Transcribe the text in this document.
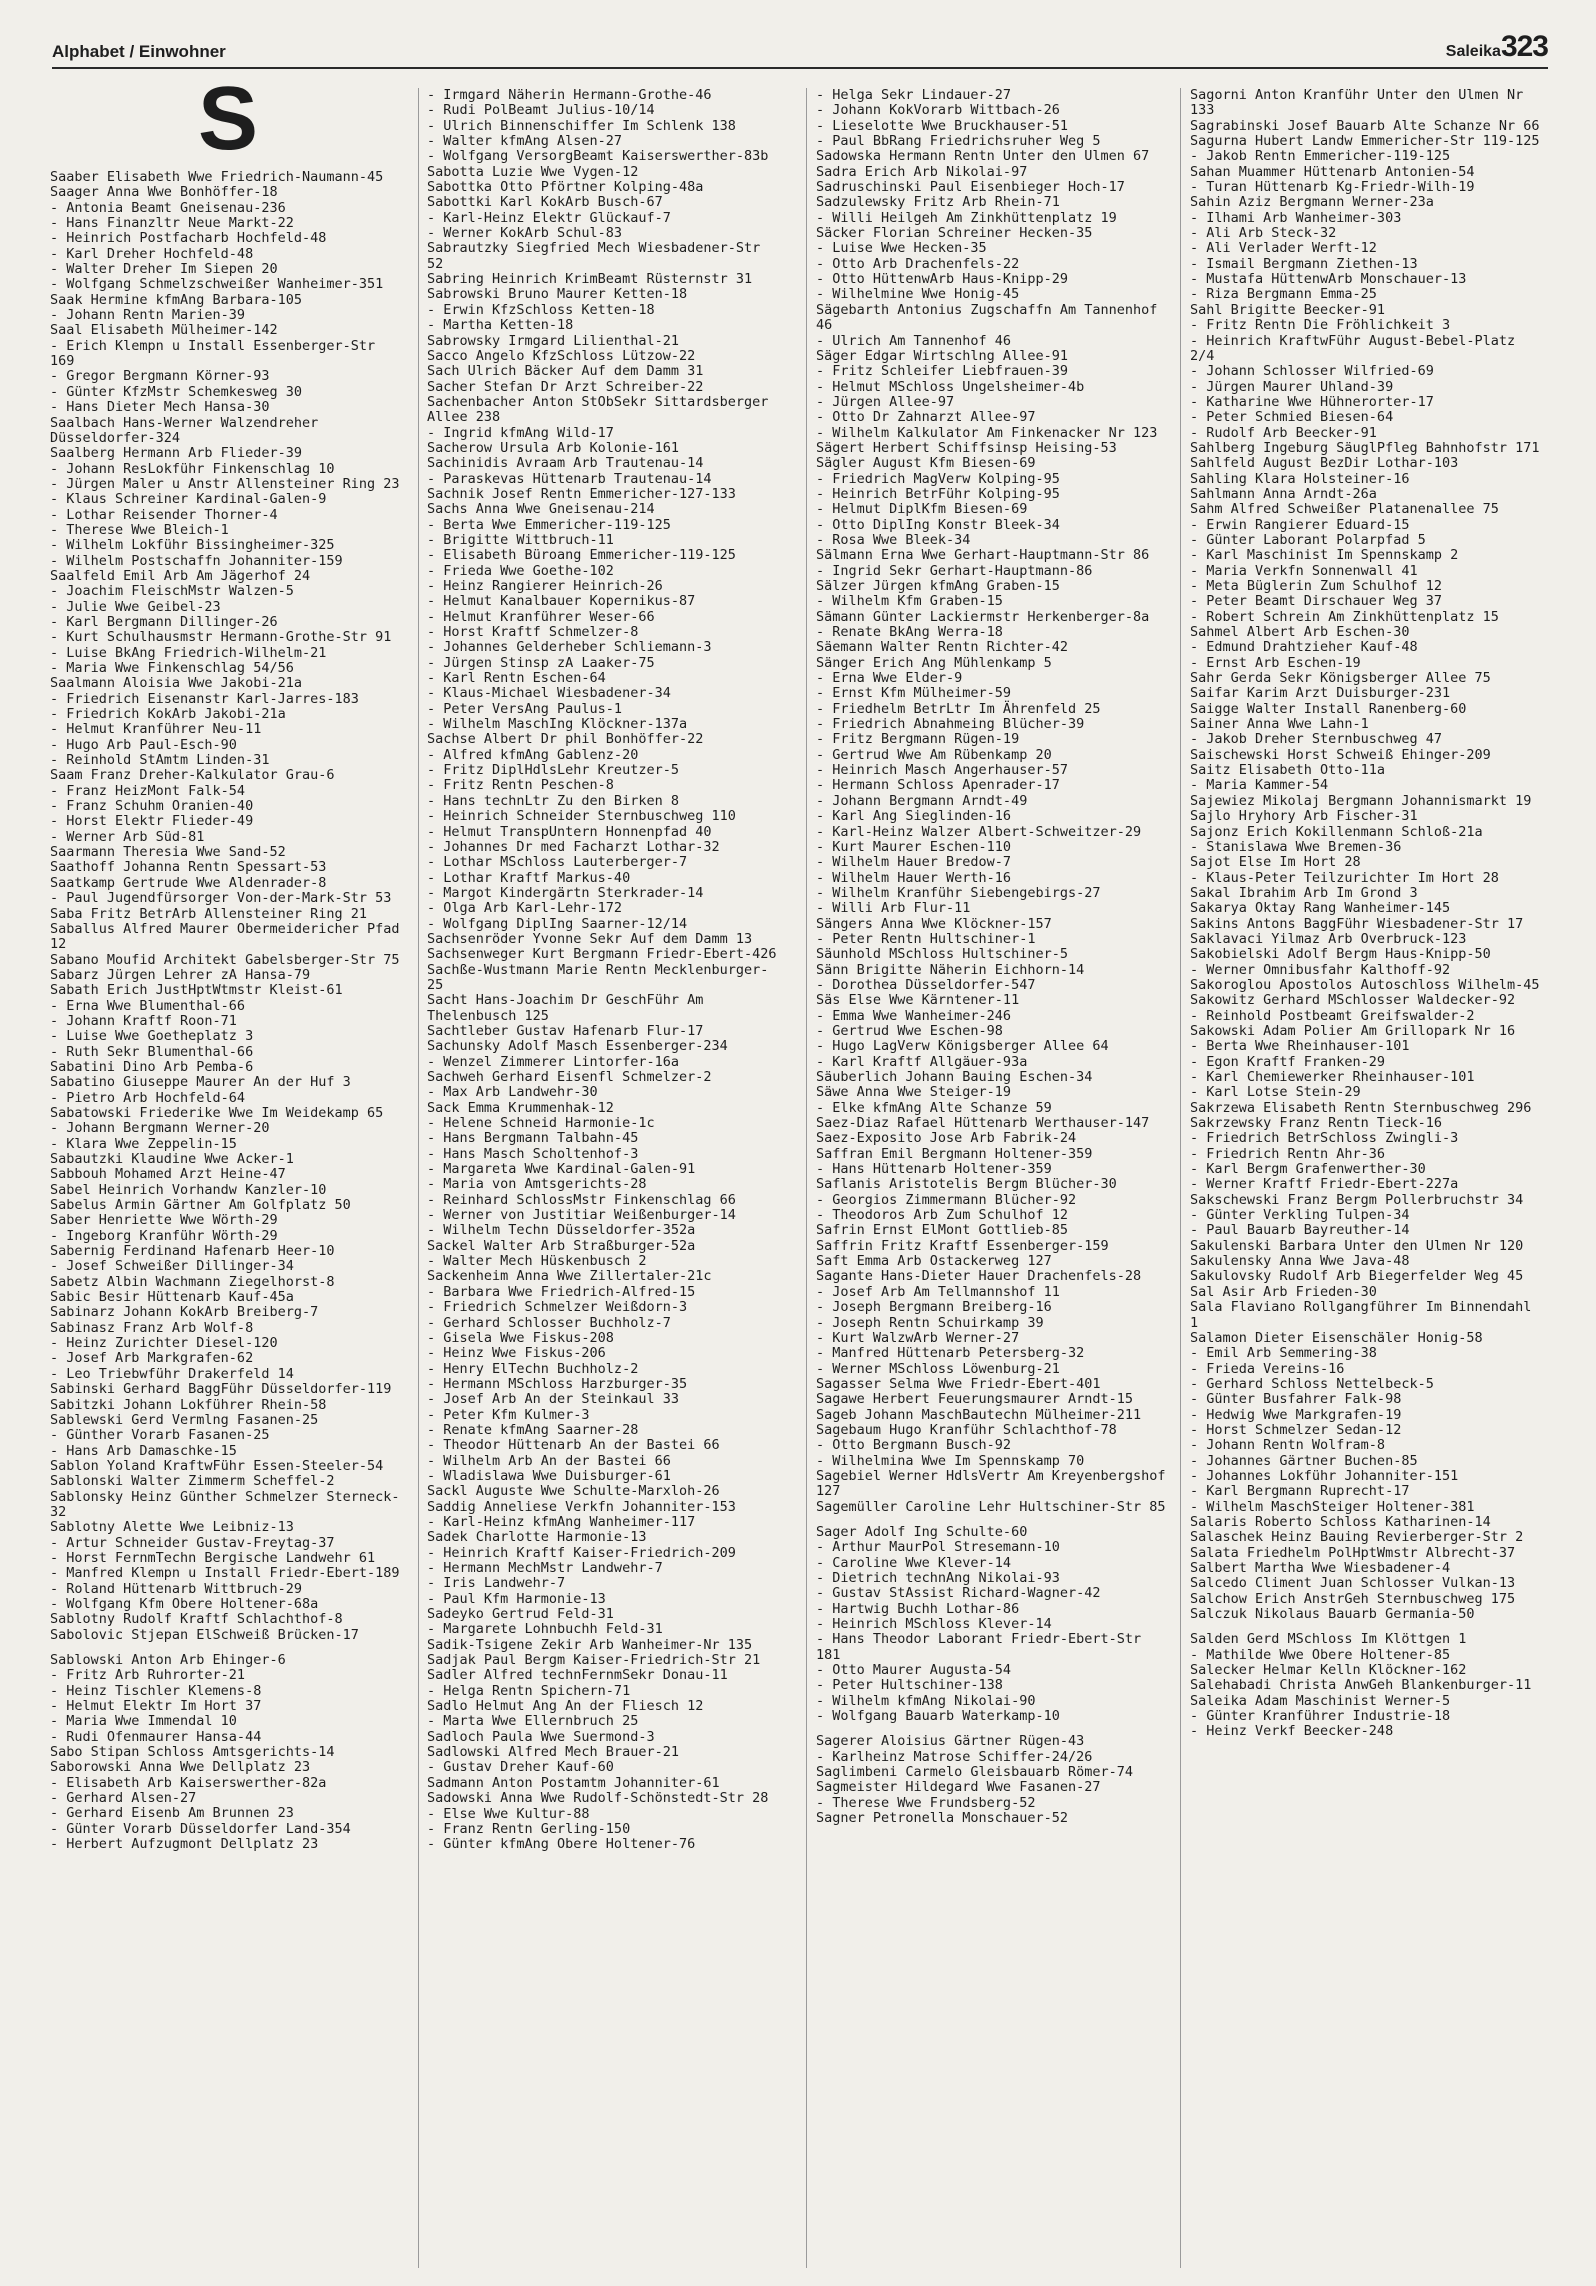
Alphabet / Einwohner	Saleika323
S

Saaber Elisabeth Wwe Friedrich-Naumann-45

Saager Anna Wwe Bonhöffer-18

- Antonia Beamt Gneisenau-236

- Hans Finanzltr Neue Markt-22

- Heinrich Postfacharb Hochfeld-48

- Karl Dreher Hochfeld-48

- Walter Dreher Im Siepen 20

- Wolfgang Schmelzschweißer Wanheimer-351

Saak Hermine kfmAng Barbara-105

- Johann Rentn Marien-39

Saal Elisabeth Mülheimer-142

- Erich Klempn u Install Essenberger-Str 169

- Gregor Bergmann Körner-93

- Günter KfzMstr Schemkesweg 30

- Hans Dieter Mech Hansa-30

Saalbach Hans-Werner Walzendreher Düsseldorfer-324

Saalberg Hermann Arb Flieder-39

- Johann ResLokführ Finkenschlag 10

- Jürgen Maler u Anstr Allensteiner Ring 23

- Klaus Schreiner Kardinal-Galen-9

- Lothar Reisender Thorner-4

- Therese Wwe Bleich-1

- Wilhelm Lokführ Bissingheimer-325

- Wilhelm Postschaffn Johanniter-159

Saalfeld Emil Arb Am Jägerhof 24

- Joachim FleischMstr Walzen-5

- Julie Wwe Geibel-23

- Karl Bergmann Dillinger-26

- Kurt Schulhausmstr Hermann-Grothe-Str 91

- Luise BkAng Friedrich-Wilhelm-21

- Maria Wwe Finkenschlag 54/56

Saalmann Aloisia Wwe Jakobi-21a

- Friedrich Eisenanstr Karl-Jarres-183

- Friedrich KokArb Jakobi-21a

- Helmut Kranführer Neu-11

- Hugo Arb Paul-Esch-90

- Reinhold StAmtm Linden-31

Saam Franz Dreher-Kalkulator Grau-6

- Franz HeizMont Falk-54

- Franz Schuhm Oranien-40

- Horst Elektr Flieder-49

- Werner Arb Süd-81

Saarmann Theresia Wwe Sand-52

Saathoff Johanna Rentn Spessart-53

Saatkamp Gertrude Wwe Aldenrader-8

- Paul Jugendfürsorger Von-der-Mark-Str 53

Saba Fritz BetrArb Allensteiner Ring 21

Saballus Alfred Maurer Obermeidericher Pfad 12

Sabano Moufid Architekt Gabelsberger-Str 75

Sabarz Jürgen Lehrer zA Hansa-79

Sabath Erich JustHptWtmstr Kleist-61

- Erna Wwe Blumenthal-66

- Johann Kraftf Roon-71

- Luise Wwe Goetheplatz 3

- Ruth Sekr Blumenthal-66

Sabatini Dino Arb Pemba-6

Sabatino Giuseppe Maurer An der Huf 3

- Pietro Arb Hochfeld-64

Sabatowski Friederike Wwe Im Weidekamp 65

- Johann Bergmann Werner-20

- Klara Wwe Zeppelin-15

Sabautzki Klaudine Wwe Acker-1

Sabbouh Mohamed Arzt Heine-47

Sabel Heinrich Vorhandw Kanzler-10

Sabelus Armin Gärtner Am Golfplatz 50

Saber Henriette Wwe Wörth-29

- Ingeborg Kranführ Wörth-29

Sabernig Ferdinand Hafenarb Heer-10

- Josef Schweißer Dillinger-34

Sabetz Albin Wachmann Ziegelhorst-8

Sabic Besir Hüttenarb Kauf-45a

Sabinarz Johann KokArb Breiberg-7

Sabinasz Franz Arb Wolf-8

- Heinz Zurichter Diesel-120

- Josef Arb Markgrafen-62

- Leo Triebwführ Drakerfeld 14

Sabinski Gerhard BaggFühr Düsseldorfer-119

Sabitzki Johann Lokführer Rhein-58

Sablewski Gerd Vermlng Fasanen-25

- Günther Vorarb Fasanen-25

- Hans Arb Damaschke-15

Sablon Yoland KraftwFühr Essen-Steeler-54

Sablonski Walter Zimmerm Scheffel-2

Sablonsky Heinz Günther Schmelzer Sterneck-32

Sablotny Alette Wwe Leibniz-13

- Artur Schneider Gustav-Freytag-37

- Horst FernmTechn Bergische Landwehr 61

- Manfred Klempn u Install Friedr-Ebert-189

- Roland Hüttenarb Wittbruch-29

- Wolfgang Kfm Obere Holtener-68a

Sablotny Rudolf Kraftf Schlachthof-8

Sabolovic Stjepan ElSchweiß Brücken-17

Sablowski Anton Arb Ehinger-6

- Fritz Arb Ruhrorter-21

- Heinz Tischler Klemens-8

- Helmut Elektr Im Hort 37

- Maria Wwe Immendal 10

- Rudi Ofenmaurer Hansa-44

Sabo Stipan Schloss Amtsgerichts-14

Saborowski Anna Wwe Dellplatz 23

- Elisabeth Arb Kaiserswerther-82a

- Gerhard Alsen-27

- Gerhard Eisenb Am Brunnen 23

- Günter Vorarb Düsseldorfer Land-354

- Herbert Aufzugmont Dellplatz 23

- Irmgard Näherin Hermann-Grothe-46

- Rudi PolBeamt Julius-10/14

- Ulrich Binnenschiffer Im Schlenk 138

- Walter kfmAng Alsen-27

- Wolfgang VersorgBeamt Kaiserswerther-83b

Sabotta Luzie Wwe Vygen-12

Sabottka Otto Pförtner Kolping-48a

Sabottki Karl KokArb Busch-67

- Karl-Heinz Elektr Glückauf-7

- Werner KokArb Schul-83

Sabrautzky Siegfried Mech Wiesbadener-Str 52

Sabring Heinrich KrimBeamt Rüsternstr 31

Sabrowski Bruno Maurer Ketten-18

- Erwin KfzSchloss Ketten-18

- Martha Ketten-18

Sabrowsky Irmgard Lilienthal-21

Sacco Angelo KfzSchloss Lützow-22

Sach Ulrich Bäcker Auf dem Damm 31

Sacher Stefan Dr Arzt Schreiber-22

Sachenbacher Anton StObSekr Sittardsberger Allee 238

- Ingrid kfmAng Wild-17

Sacherow Ursula Arb Kolonie-161

Sachinidis Avraam Arb Trautenau-14

- Paraskevas Hüttenarb Trautenau-14

Sachnik Josef Rentn Emmericher-127-133

Sachs Anna Wwe Gneisenau-214

- Berta Wwe Emmericher-119-125

- Brigitte Wittbruch-11

- Elisabeth Büroang Emmericher-119-125

- Frieda Wwe Goethe-102

- Heinz Rangierer Heinrich-26

- Helmut Kanalbauer Kopernikus-87

- Helmut Kranführer Weser-66

- Horst Kraftf Schmelzer-8

- Johannes Gelderheber Schliemann-3

- Jürgen Stinsp zA Laaker-75

- Karl Rentn Eschen-64

- Klaus-Michael Wiesbadener-34

- Peter VersAng Paulus-1

- Wilhelm MaschIng Klöckner-137a

Sachse Albert Dr phil Bonhöffer-22

- Alfred kfmAng Gablenz-20

- Fritz DiplHdlsLehr Kreutzer-5

- Fritz Rentn Peschen-8

- Hans technLtr Zu den Birken 8

- Heinrich Schneider Sternbuschweg 110

- Helmut TranspUntern Honnenpfad 40

- Johannes Dr med Facharzt Lothar-32

- Lothar MSchloss Lauterberger-7

- Lothar Kraftf Markus-40

- Margot Kindergärtn Sterkrader-14

- Olga Arb Karl-Lehr-172

- Wolfgang DiplIng Saarner-12/14

Sachsenröder Yvonne Sekr Auf dem Damm 13

Sachsenweger Kurt Bergmann Friedr-Ebert-426

Sachße-Wustmann Marie Rentn Mecklenburger-25

Sacht Hans-Joachim Dr GeschFühr Am Thelenbusch 125

Sachtleber Gustav Hafenarb Flur-17

Sachunsky Adolf Masch Essenberger-234

- Wenzel Zimmerer Lintorfer-16a

Sachweh Gerhard Eisenfl Schmelzer-2

- Max Arb Landwehr-30

Sack Emma Krummenhak-12

- Helene Schneid Harmonie-1c

- Hans Bergmann Talbahn-45

- Hans Masch Scholtenhof-3

- Margareta Wwe Kardinal-Galen-91

- Maria von Amtsgerichts-28

- Reinhard SchlossMstr Finkenschlag 66

- Werner von Justitiar Weißenburger-14

- Wilhelm Techn Düsseldorfer-352a

Sackel Walter Arb Straßburger-52a

- Walter Mech Hüskenbusch 2

Sackenheim Anna Wwe Zillertaler-21c

- Barbara Wwe Friedrich-Alfred-15

- Friedrich Schmelzer Weißdorn-3

- Gerhard Schlosser Buchholz-7

- Gisela Wwe Fiskus-208

- Heinz Wwe Fiskus-206

- Henry ElTechn Buchholz-2

- Hermann MSchloss Harzburger-35

- Josef Arb An der Steinkaul 33

- Peter Kfm Kulmer-3

- Renate kfmAng Saarner-28

- Theodor Hüttenarb An der Bastei 66

- Wilhelm Arb An der Bastei 66

- Wladislawa Wwe Duisburger-61

Sackl Auguste Wwe Schulte-Marxloh-26

Saddig Anneliese Verkfn Johanniter-153

- Karl-Heinz kfmAng Wanheimer-117

Sadek Charlotte Harmonie-13

- Heinrich Kraftf Kaiser-Friedrich-209

- Hermann MechMstr Landwehr-7

- Iris Landwehr-7

- Paul Kfm Harmonie-13

Sadeyko Gertrud Feld-31

- Margarete Lohnbuchh Feld-31

Sadik-Tsigene Zekir Arb Wanheimer-Nr 135

Sadjak Paul Bergm Kaiser-Friedrich-Str 21

Sadler Alfred technFernmSekr Donau-11

- Helga Rentn Spichern-71

Sadlo Helmut Ang An der Fliesch 12

- Marta Wwe Ellernbruch 25

Sadloch Paula Wwe Suermond-3

Sadlowski Alfred Mech Brauer-21

- Gustav Dreher Kauf-60

Sadmann Anton Postamtm Johanniter-61

Sadowski Anna Wwe Rudolf-Schönstedt-Str 28

- Else Wwe Kultur-88

- Franz Rentn Gerling-150

- Günter kfmAng Obere Holtener-76

- Helga Sekr Lindauer-27

- Johann KokVorarb Wittbach-26

- Lieselotte Wwe Bruckhauser-51

- Paul BbRang Friedrichsruher Weg 5

Sadowska Hermann Rentn Unter den Ulmen 67

Sadra Erich Arb Nikolai-97

Sadruschinski Paul Eisenbieger Hoch-17

Sadzulewsky Fritz Arb Rhein-71

- Willi Heilgeh Am Zinkhüttenplatz 19

Säcker Florian Schreiner Hecken-35

- Luise Wwe Hecken-35

- Otto Arb Drachenfels-22

- Otto HüttenwArb Haus-Knipp-29

- Wilhelmine Wwe Honig-45

Sägebarth Antonius Zugschaffn Am Tannenhof 46

- Ulrich Am Tannenhof 46

Säger Edgar Wirtschlng Allee-91

- Fritz Schleifer Liebfrauen-39

- Helmut MSchloss Ungelsheimer-4b

- Jürgen Allee-97

- Otto Dr Zahnarzt Allee-97

- Wilhelm Kalkulator Am Finkenacker Nr 123

Sägert Herbert Schiffsinsp Heising-53

Sägler August Kfm Biesen-69

- Friedrich MagVerw Kolping-95

- Heinrich BetrFühr Kolping-95

- Helmut DiplKfm Biesen-69

- Otto DiplIng Konstr Bleek-34

- Rosa Wwe Bleek-34

Sälmann Erna Wwe Gerhart-Hauptmann-Str 86

- Ingrid Sekr Gerhart-Hauptmann-86

Sälzer Jürgen kfmAng Graben-15

- Wilhelm Kfm Graben-15

Sämann Günter Lackiermstr Herkenberger-8a

- Renate BkAng Werra-18

Säemann Walter Rentn Richter-42

Sänger Erich Ang Mühlenkamp 5

- Erna Wwe Elder-9

- Ernst Kfm Mülheimer-59

- Friedhelm BetrLtr Im Ährenfeld 25

- Friedrich Abnahmeing Blücher-39

- Fritz Bergmann Rügen-19

- Gertrud Wwe Am Rübenkamp 20

- Heinrich Masch Angerhauser-57

- Hermann Schloss Apenrader-17

- Johann Bergmann Arndt-49

- Karl Ang Sieglinden-16

- Karl-Heinz Walzer Albert-Schweitzer-29

- Kurt Maurer Eschen-110

- Wilhelm Hauer Bredow-7

- Wilhelm Hauer Werth-16

- Wilhelm Kranführ Siebengebirgs-27

- Willi Arb Flur-11

Sängers Anna Wwe Klöckner-157

- Peter Rentn Hultschiner-1

Säunhold MSchloss Hultschiner-5

Sänn Brigitte Näherin Eichhorn-14

- Dorothea Düsseldorfer-547

Säs Else Wwe Kärntener-11

- Emma Wwe Wanheimer-246

- Gertrud Wwe Eschen-98

- Hugo LagVerw Königsberger Allee 64

- Karl Kraftf Allgäuer-93a

Säuberlich Johann Bauing Eschen-34

Säwe Anna Wwe Steiger-19

- Elke kfmAng Alte Schanze 59

Saez-Diaz Rafael Hüttenarb Werthauser-147

Saez-Exposito Jose Arb Fabrik-24

Saffran Emil Bergmann Holtener-359

- Hans Hüttenarb Holtener-359

Saflanis Aristotelis Bergm Blücher-30

- Georgios Zimmermann Blücher-92

- Theodoros Arb Zum Schulhof 12

Safrin Ernst ElMont Gottlieb-85

Saffrin Fritz Kraftf Essenberger-159

Saft Emma Arb Ostackerweg 127

Sagante Hans-Dieter Hauer Drachenfels-28

- Josef Arb Am Tellmannshof 11

- Joseph Bergmann Breiberg-16

- Joseph Rentn Schuirkamp 39

- Kurt WalzwArb Werner-27

- Manfred Hüttenarb Petersberg-32

- Werner MSchloss Löwenburg-21

Sagasser Selma Wwe Friedr-Ebert-401

Sagawe Herbert Feuerungsmaurer Arndt-15

Sageb Johann MaschBautechn Mülheimer-211

Sagebaum Hugo Kranführ Schlachthof-78

- Otto Bergmann Busch-92

- Wilhelmina Wwe Im Spennskamp 70

Sagebiel Werner HdlsVertr Am Kreyenbergshof 127

Sagemüller Caroline Lehr Hultschiner-Str 85

Sager Adolf Ing Schulte-60

- Arthur MaurPol Stresemann-10

- Caroline Wwe Klever-14

- Dietrich technAng Nikolai-93

- Gustav StAssist Richard-Wagner-42

- Hartwig Buchh Lothar-86

- Heinrich MSchloss Klever-14

- Hans Theodor Laborant Friedr-Ebert-Str 181

- Otto Maurer Augusta-54

- Peter Hultschiner-138

- Wilhelm kfmAng Nikolai-90

- Wolfgang Bauarb Waterkamp-10

Sagerer Aloisius Gärtner Rügen-43

- Karlheinz Matrose Schiffer-24/26

Saglimbeni Carmelo Gleisbauarb Römer-74

Sagmeister Hildegard Wwe Fasanen-27

- Therese Wwe Frundsberg-52

Sagner Petronella Monschauer-52

Sagorni Anton Kranführ Unter den Ulmen Nr 133

Sagrabinski Josef Bauarb Alte Schanze Nr 66

Sagurna Hubert Landw Emmericher-Str 119-125

- Jakob Rentn Emmericher-119-125

Sahan Muammer Hüttenarb Antonien-54

- Turan Hüttenarb Kg-Friedr-Wilh-19

Sahin Aziz Bergmann Werner-23a

- Ilhami Arb Wanheimer-303

- Ali Arb Steck-32

- Ali Verlader Werft-12

- Ismail Bergmann Ziethen-13

- Mustafa HüttenwArb Monschauer-13

- Riza Bergmann Emma-25

Sahl Brigitte Beecker-91

- Fritz Rentn Die Fröhlichkeit 3

- Heinrich KraftwFühr August-Bebel-Platz 2/4

- Johann Schlosser Wilfried-69

- Jürgen Maurer Uhland-39

- Katharine Wwe Hühnerorter-17

- Peter Schmied Biesen-64

- Rudolf Arb Beecker-91

Sahlberg Ingeburg SäuglPfleg Bahnhofstr 171

Sahlfeld August BezDir Lothar-103

Sahling Klara Holsteiner-16

Sahlmann Anna Arndt-26a

Sahm Alfred Schweißer Platanenallee 75

- Erwin Rangierer Eduard-15

- Günter Laborant Polarpfad 5

- Karl Maschinist Im Spennskamp 2

- Maria Verkfn Sonnenwall 41

- Meta Büglerin Zum Schulhof 12

- Peter Beamt Dirschauer Weg 37

- Robert Schrein Am Zinkhüttenplatz 15

Sahmel Albert Arb Eschen-30

- Edmund Drahtzieher Kauf-48

- Ernst Arb Eschen-19

Sahr Gerda Sekr Königsberger Allee 75

Saifar Karim Arzt Duisburger-231

Saigge Walter Install Ranenberg-60

Sainer Anna Wwe Lahn-1

- Jakob Dreher Sternbuschweg 47

Saischewski Horst Schweiß Ehinger-209

Saitz Elisabeth Otto-11a

- Maria Kammer-54

Sajewiez Mikolaj Bergmann Johannismarkt 19

Sajlo Hryhory Arb Fischer-31

Sajonz Erich Kokillenmann Schloß-21a

- Stanislawa Wwe Bremen-36

Sajot Else Im Hort 28

- Klaus-Peter Teilzurichter Im Hort 28

Sakal Ibrahim Arb Im Grond 3

Sakarya Oktay Rang Wanheimer-145

Sakins Antons BaggFühr Wiesbadener-Str 17

Saklavaci Yilmaz Arb Overbruck-123

Sakobielski Adolf Bergm Haus-Knipp-50

- Werner Omnibusfahr Kalthoff-92

Sakoroglou Apostolos Autoschloss Wilhelm-45

Sakowitz Gerhard MSchlosser Waldecker-92

- Reinhold Postbeamt Greifswalder-2

Sakowski Adam Polier Am Grillopark Nr 16

- Berta Wwe Rheinhauser-101

- Egon Kraftf Franken-29

- Karl Chemiewerker Rheinhauser-101

- Karl Lotse Stein-29

Sakrzewa Elisabeth Rentn Sternbuschweg 296

Sakrzewsky Franz Rentn Tieck-16

- Friedrich BetrSchloss Zwingli-3

- Friedrich Rentn Ahr-36

- Karl Bergm Grafenwerther-30

- Werner Kraftf Friedr-Ebert-227a

Sakschewski Franz Bergm Pollerbruchstr 34

- Günter Verkling Tulpen-34

- Paul Bauarb Bayreuther-14

Sakulenski Barbara Unter den Ulmen Nr 120

Sakulensky Anna Wwe Java-48

Sakulovsky Rudolf Arb Biegerfelder Weg 45

Sal Asir Arb Frieden-30

Sala Flaviano Rollgangführer Im Binnendahl 1

Salamon Dieter Eisenschäler Honig-58

- Emil Arb Semmering-38

- Frieda Vereins-16

- Gerhard Schloss Nettelbeck-5

- Günter Busfahrer Falk-98

- Hedwig Wwe Markgrafen-19

- Horst Schmelzer Sedan-12

- Johann Rentn Wolfram-8

- Johannes Gärtner Buchen-85

- Johannes Lokführ Johanniter-151

- Karl Bergmann Ruprecht-17

- Wilhelm MaschSteiger Holtener-381

Salaris Roberto Schloss Katharinen-14

Salaschek Heinz Bauing Revierberger-Str 2

Salata Friedhelm PolHptWmstr Albrecht-37

Salbert Martha Wwe Wiesbadener-4

Salcedo Climent Juan Schlosser Vulkan-13

Salchow Erich AnstrGeh Sternbuschweg 175

Salczuk Nikolaus Bauarb Germania-50

Salden Gerd MSchloss Im Klöttgen 1

- Mathilde Wwe Obere Holtener-85

Salecker Helmar Kelln Klöckner-162

Salehabadi Christa AnwGeh Blankenburger-11

Saleika Adam Maschinist Werner-5

- Günter Kranführer Industrie-18

- Heinz Verkf Beecker-248
